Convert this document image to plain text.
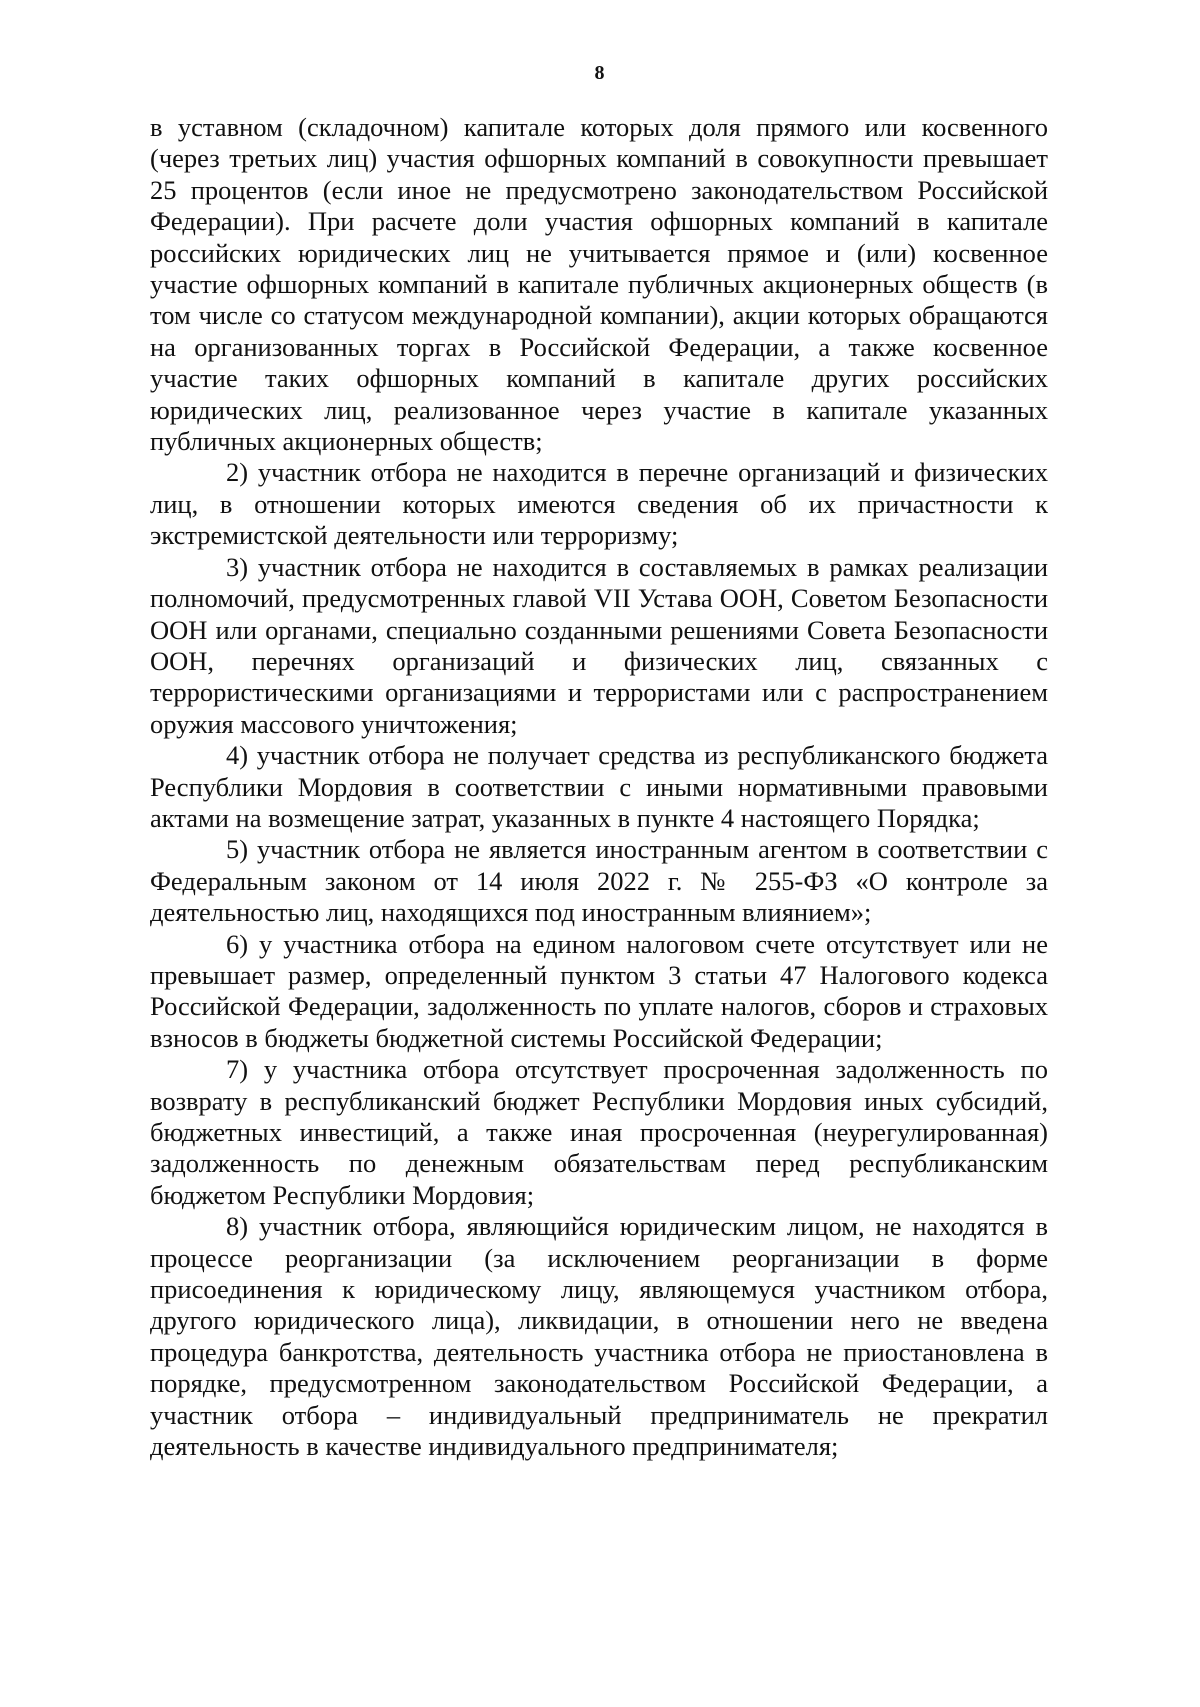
8

в уставном (складочном) капитале которых доля прямого или косвенного (через третьих лиц) участия офшорных компаний в совокупности превышает 25 процентов (если иное не предусмотрено законодательством Российской Федерации). При расчете доли участия офшорных компаний в капитале российских юридических лиц не учитывается прямое и (или) косвенное участие офшорных компаний в капитале публичных акционерных обществ (в том числе со статусом международной компании), акции которых обращаются на организованных торгах в Российской Федерации, а также косвенное участие таких офшорных компаний в капитале других российских юридических лиц, реализованное через участие в капитале указанных публичных акционерных обществ;

2) участник отбора не находится в перечне организаций и физических лиц, в отношении которых имеются сведения об их причастности к экстремистской деятельности или терроризму;

3) участник отбора не находится в составляемых в рамках реализации полномочий, предусмотренных главой VII Устава ООН, Советом Безопасности ООН или органами, специально созданными решениями Совета Безопасности ООН, перечнях организаций и физических лиц, связанных с террористическими организациями и террористами или с распространением оружия массового уничтожения;

4) участник отбора не получает средства из республиканского бюджета Республики Мордовия в соответствии с иными нормативными правовыми актами на возмещение затрат, указанных в пункте 4 настоящего Порядка;

5) участник отбора не является иностранным агентом в соответствии с Федеральным законом от 14 июля 2022 г. № 255-ФЗ «О контроле за деятельностью лиц, находящихся под иностранным влиянием»;

6) у участника отбора на едином налоговом счете отсутствует или не превышает размер, определенный пунктом 3 статьи 47 Налогового кодекса Российской Федерации, задолженность по уплате налогов, сборов и страховых взносов в бюджеты бюджетной системы Российской Федерации;

7) у участника отбора отсутствует просроченная задолженность по возврату в республиканский бюджет Республики Мордовия иных субсидий, бюджетных инвестиций, а также иная просроченная (неурегулированная) задолженность по денежным обязательствам перед республиканским бюджетом Республики Мордовия;

8) участник отбора, являющийся юридическим лицом, не находятся в процессе реорганизации (за исключением реорганизации в форме присоединения к юридическому лицу, являющемуся участником отбора, другого юридического лица), ликвидации, в отношении него не введена процедура банкротства, деятельность участника отбора не приостановлена в порядке, предусмотренном законодательством Российской Федерации, а участник отбора – индивидуальный предприниматель не прекратил деятельность в качестве индивидуального предпринимателя;
